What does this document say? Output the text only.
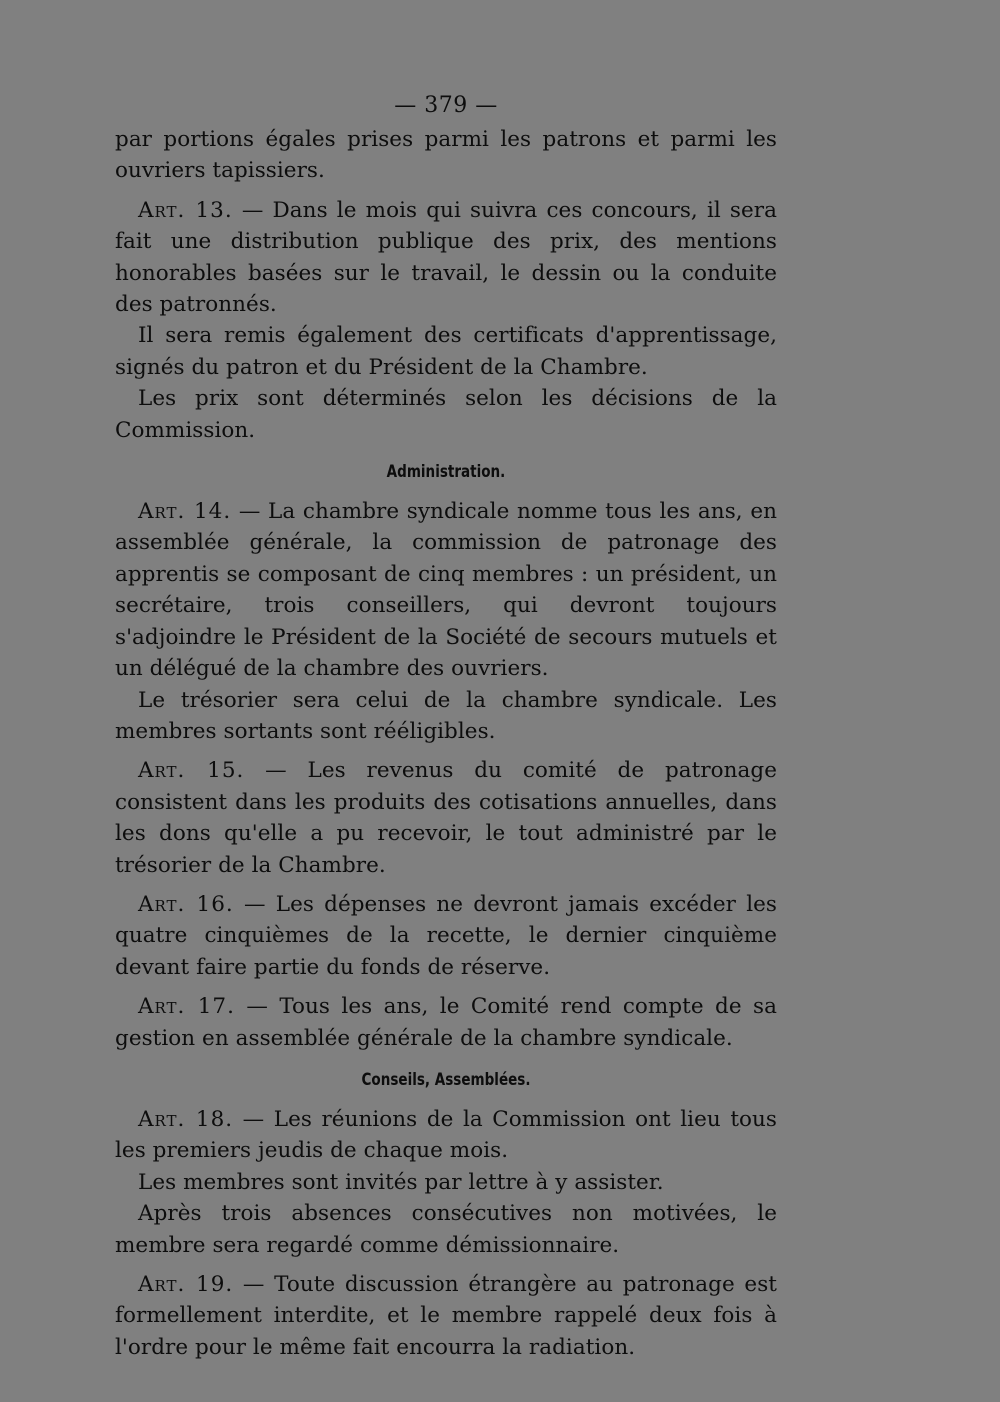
— 379 —

par portions égales prises parmi les patrons et parmi les ouvriers tapissiers.

Art. 13. — Dans le mois qui suivra ces concours, il sera fait une distribution publique des prix, des mentions honorables basées sur le travail, le dessin ou la conduite des patronnés.

Il sera remis également des certificats d'apprentissage, signés du patron et du Président de la Chambre.

Les prix sont déterminés selon les décisions de la Commission.

Administration.

Art. 14. — La chambre syndicale nomme tous les ans, en assemblée générale, la commission de patronage des apprentis se composant de cinq membres : un président, un secrétaire, trois conseillers, qui devront toujours s'adjoindre le Président de la Société de secours mutuels et un délégué de la chambre des ouvriers.

Le trésorier sera celui de la chambre syndicale. Les membres sortants sont rééligibles.

Art. 15. — Les revenus du comité de patronage consistent dans les produits des cotisations annuelles, dans les dons qu'elle a pu recevoir, le tout administré par le trésorier de la Chambre.

Art. 16. — Les dépenses ne devront jamais excéder les quatre cinquièmes de la recette, le dernier cinquième devant faire partie du fonds de réserve.

Art. 17. — Tous les ans, le Comité rend compte de sa gestion en assemblée générale de la chambre syndicale.

Conseils, Assemblées.

Art. 18. — Les réunions de la Commission ont lieu tous les premiers jeudis de chaque mois.

Les membres sont invités par lettre à y assister.

Après trois absences consécutives non motivées, le membre sera regardé comme démissionnaire.

Art. 19. — Toute discussion étrangère au patronage est formellement interdite, et le membre rappelé deux fois à l'ordre pour le même fait encourra la radiation.
